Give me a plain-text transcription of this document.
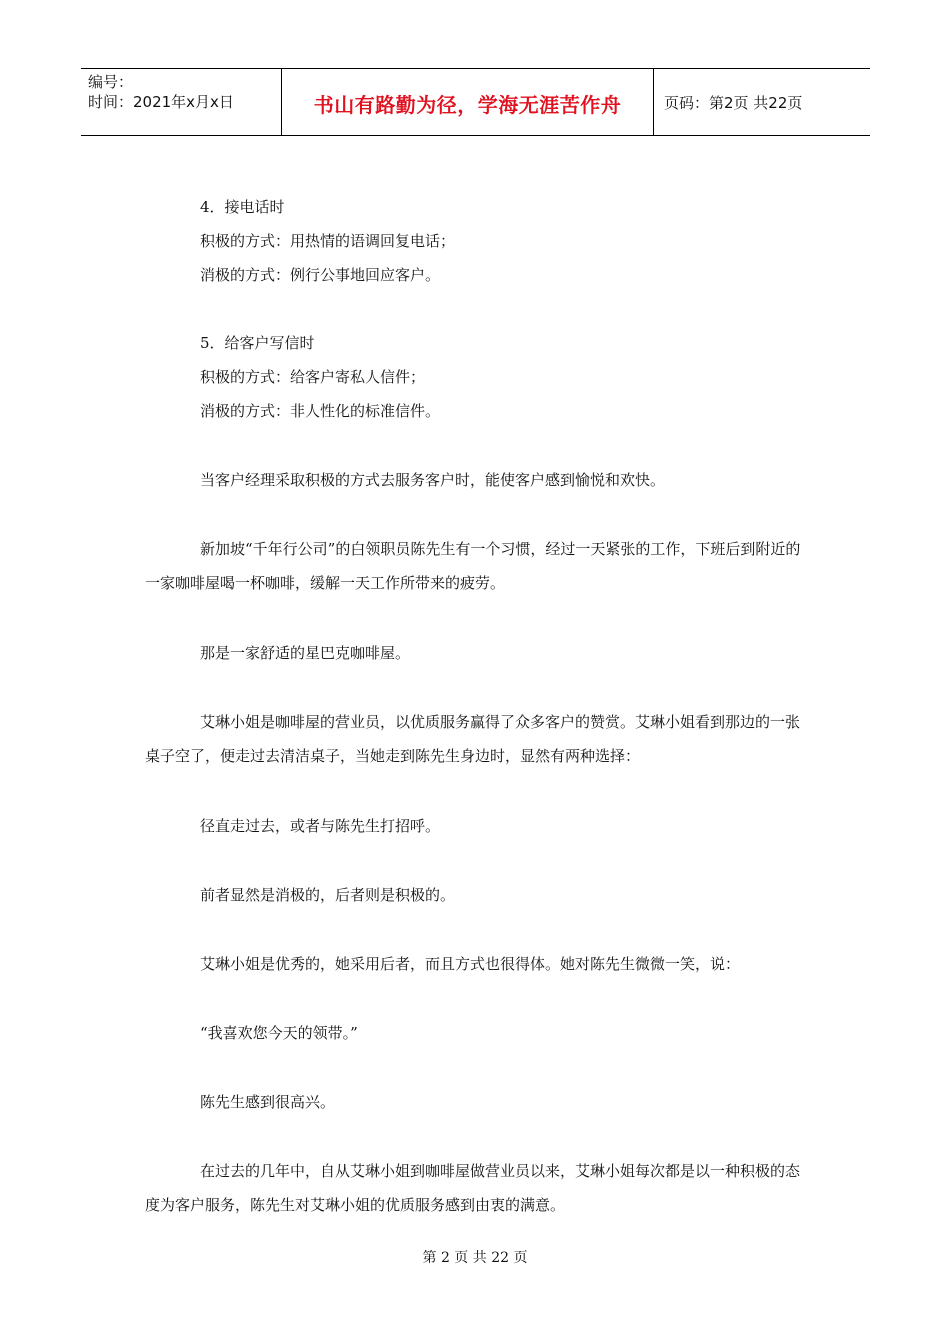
编号：
时间：2021年x月x日	书山有路勤为径，学海无涯苦作舟	页码：第2页 共22页

4．接电话时

积极的方式：用热情的语调回复电话；

消极的方式：例行公事地回应客户。

5．给客户写信时

积极的方式：给客户寄私人信件；

消极的方式：非人性化的标准信件。

当客户经理采取积极的方式去服务客户时，能使客户感到愉悦和欢快。

新加坡“千年行公司”的白领职员陈先生有一个习惯，经过一天紧张的工作，下班后到附近的一家咖啡屋喝一杯咖啡，缓解一天工作所带来的疲劳。

那是一家舒适的星巴克咖啡屋。

艾琳小姐是咖啡屋的营业员，以优质服务赢得了众多客户的赞赏。艾琳小姐看到那边的一张桌子空了，便走过去清洁桌子，当她走到陈先生身边时，显然有两种选择：

径直走过去，或者与陈先生打招呼。

前者显然是消极的，后者则是积极的。

艾琳小姐是优秀的，她采用后者，而且方式也很得体。她对陈先生微微一笑，说：

“我喜欢您今天的领带。”

陈先生感到很高兴。

在过去的几年中，自从艾琳小姐到咖啡屋做营业员以来，艾琳小姐每次都是以一种积极的态度为客户服务，陈先生对艾琳小姐的优质服务感到由衷的满意。

第 2 页 共 22 页
